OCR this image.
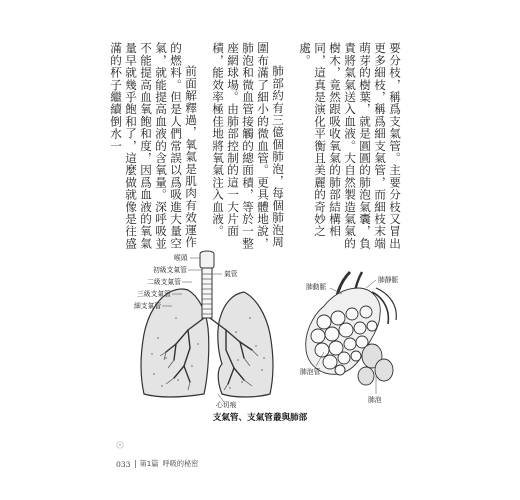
要分枝，稱爲支氣管。主要分枝又冒出更多細枝，稱爲細支氣管，而細枝末端萌芽的樹葉，就是圓圓的肺泡氣囊，負責將氣氣送入血液。大自然製造氣氣的樹木，竟然跟吸收氧氣的肺部結構相同，這真是演化平衡且美麗的奇妙之處。

肺部約有三億個肺泡，每個肺泡周圍布滿了細小的微血管。更具體地說，肺泡和微血管接觸的總面積，等於一整座網球場。由肺部控制的這一大片面積，能效率極佳地將氧氣注入血液。

前面解釋過，氧氣是肌肉有效運作的燃料。但是人們常誤以爲吸進大量空氣，就能提高血液的含氧量。深呼吸並不能提高血氧飽和度，因爲血液的氧氣量早就幾乎飽和了，這麼做就像是往盛滿的杯子繼續倒水一

喉頭
初級支氣管	氣管
二級支氣管
三級支氣管
細支氣管
心切痕
肺動脈
肺靜脈
肺泡管
肺泡
支氣管、支氣管叢與肺部
033 第1篇 呼吸的秘密
